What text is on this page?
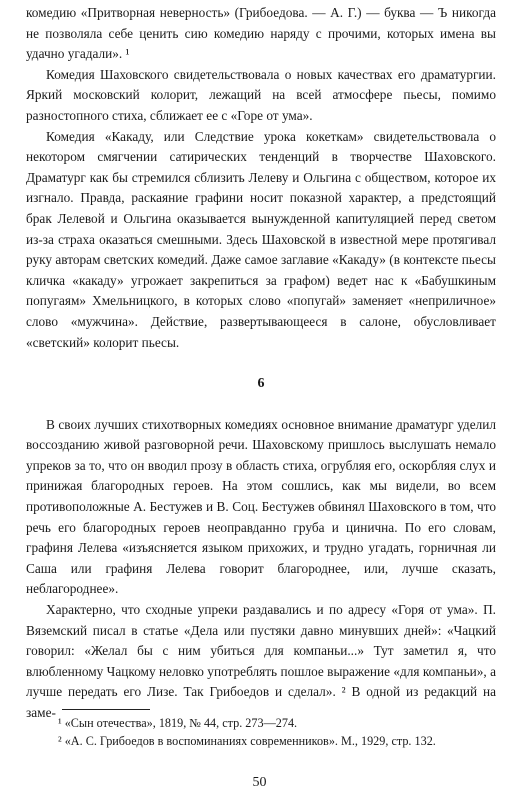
комедию «Притворная неверность» (Грибоедова. — А. Г.) — буква — Ъ никогда не позволяла себе ценить сию комедию наряду с прочими, которых имена вы удачно угадали». ¹

Комедия Шаховского свидетельствовала о новых качествах его драматургии. Яркий московский колорит, лежащий на всей атмосфере пьесы, помимо разностопного стиха, сближает ее с «Горе от ума».

Комедия «Какаду, или Следствие урока кокеткам» свидетельствовала о некотором смягчении сатирических тенденций в творчестве Шаховского. Драматург как бы стремился сблизить Лелеву и Ольгина с обществом, которое их изгнало. Правда, раскаяние графини носит показной характер, а предстоящий брак Лелевой и Ольгина оказывается вынужденной капитуляцией перед светом из-за страха оказаться смешными. Здесь Шаховской в известной мере протягивал руку авторам светских комедий. Даже самое заглавие «Какаду» (в контексте пьесы кличка «какаду» угрожает закрепиться за графом) ведет нас к «Бабушкиным попугаям» Хмельницкого, в которых слово «попугай» заменяет «неприличное» слово «мужчина». Действие, развертывающееся в салоне, обусловливает «светский» колорит пьесы.

6

В своих лучших стихотворных комедиях основное внимание драматург уделил воссозданию живой разговорной речи. Шаховскому пришлось выслушать немало упреков за то, что он вводил прозу в область стиха, огрубляя его, оскорбляя слух и принижая благородных героев. На этом сошлись, как мы видели, во всем противоположные А. Бестужев и В. Соц. Бестужев обвинял Шаховского в том, что речь его благородных героев неоправданно груба и цинична. По его словам, графиня Лелева «изъясняется языком прихожих, и трудно угадать, горничная ли Саша или графиня Лелева говорит благороднее, или, лучше сказать, неблагороднее».

Характерно, что сходные упреки раздавались и по адресу «Горя от ума». П. Вяземский писал в статье «Дела или пустяки давно минувших дней»: «Чацкий говорил: «Желал бы с ним убиться для компаньи...» Тут заметил я, что влюбленному Чацкому неловко употреблять пошлое выражение «для компаньи», а лучше передать его Лизе. Так Грибоедов и сделал». ² В одной из редакций на заме-

¹ «Сын отечества», 1819, № 44, стр. 273—274.

² «А. С. Грибоедов в воспоминаниях современников». М., 1929, стр. 132.

50
